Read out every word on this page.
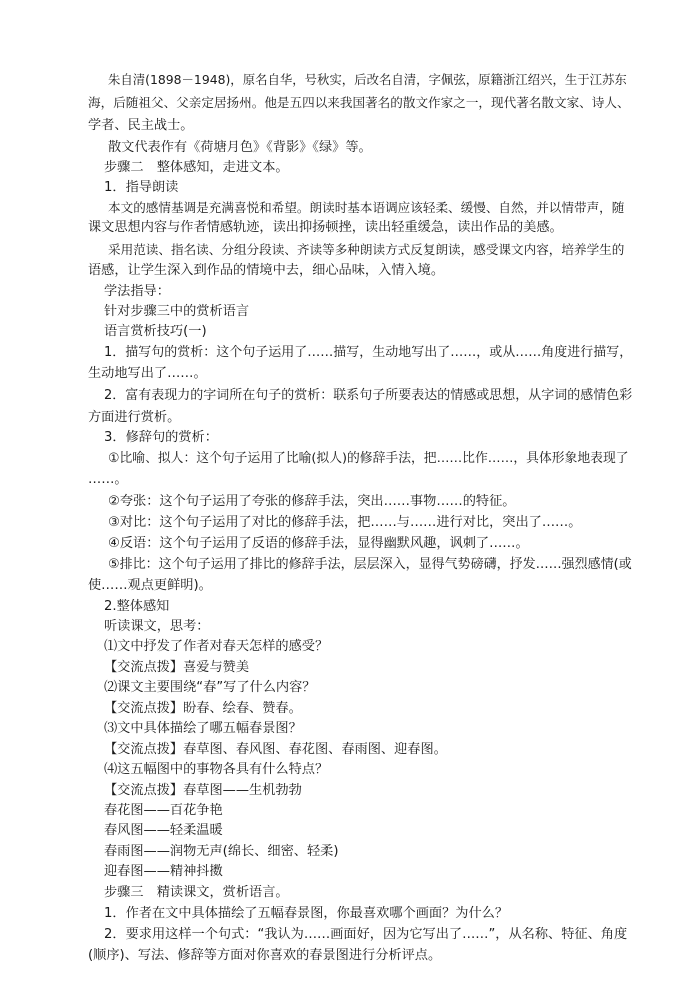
朱自清(1898－1948)，原名自华，号秋实，后改名自清，字佩弦，原籍浙江绍兴，生于江苏东
海，后随祖父、父亲定居扬州。他是五四以来我国著名的散文作家之一，现代著名散文家、诗人、
学者、民主战士。
散文代表作有《荷塘月色》《背影》《绿》等。
步骤二　整体感知，走进文本。
1．指导朗读
本文的感情基调是充满喜悦和希望。朗读时基本语调应该轻柔、缓慢、自然，并以情带声，随
课文思想内容与作者情感轨迹，读出抑扬顿挫，读出轻重缓急，读出作品的美感。
采用范读、指名读、分组分段读、齐读等多种朗读方式反复朗读，感受课文内容，培养学生的
语感，让学生深入到作品的情境中去，细心品味，入情入境。
学法指导：
针对步骤三中的赏析语言
语言赏析技巧(一)
1．描写句的赏析：这个句子运用了……描写，生动地写出了……，或从……角度进行描写，
生动地写出了……。
2．富有表现力的字词所在句子的赏析：联系句子所要表达的情感或思想，从字词的感情色彩
方面进行赏析。
3．修辞句的赏析：
①比喻、拟人：这个句子运用了比喻(拟人)的修辞手法，把……比作……，具体形象地表现了
……。
②夸张：这个句子运用了夸张的修辞手法，突出……事物……的特征。
③对比：这个句子运用了对比的修辞手法，把……与……进行对比，突出了……。
④反语：这个句子运用了反语的修辞手法，显得幽默风趣，讽刺了……。
⑤排比：这个句子运用了排比的修辞手法，层层深入，显得气势磅礴，抒发……强烈感情(或
使……观点更鲜明)。
2.整体感知
听读课文，思考：
⑴文中抒发了作者对春天怎样的感受？
【交流点拨】喜爱与赞美
⑵课文主要围绕“春”写了什么内容？
【交流点拨】盼春、绘春、赞春。
⑶文中具体描绘了哪五幅春景图？
【交流点拨】春草图、春风图、春花图、春雨图、迎春图。
⑷这五幅图中的事物各具有什么特点？
【交流点拨】春草图——生机勃勃
春花图——百花争艳
春风图——轻柔温暖
春雨图——润物无声(绵长、细密、轻柔)
迎春图——精神抖擞
步骤三　精读课文，赏析语言。
1．作者在文中具体描绘了五幅春景图，你最喜欢哪个画面？为什么？
2．要求用这样一个句式：“我认为……画面好，因为它写出了……”，从名称、特征、角度
(顺序)、写法、修辞等方面对你喜欢的春景图进行分析评点。
